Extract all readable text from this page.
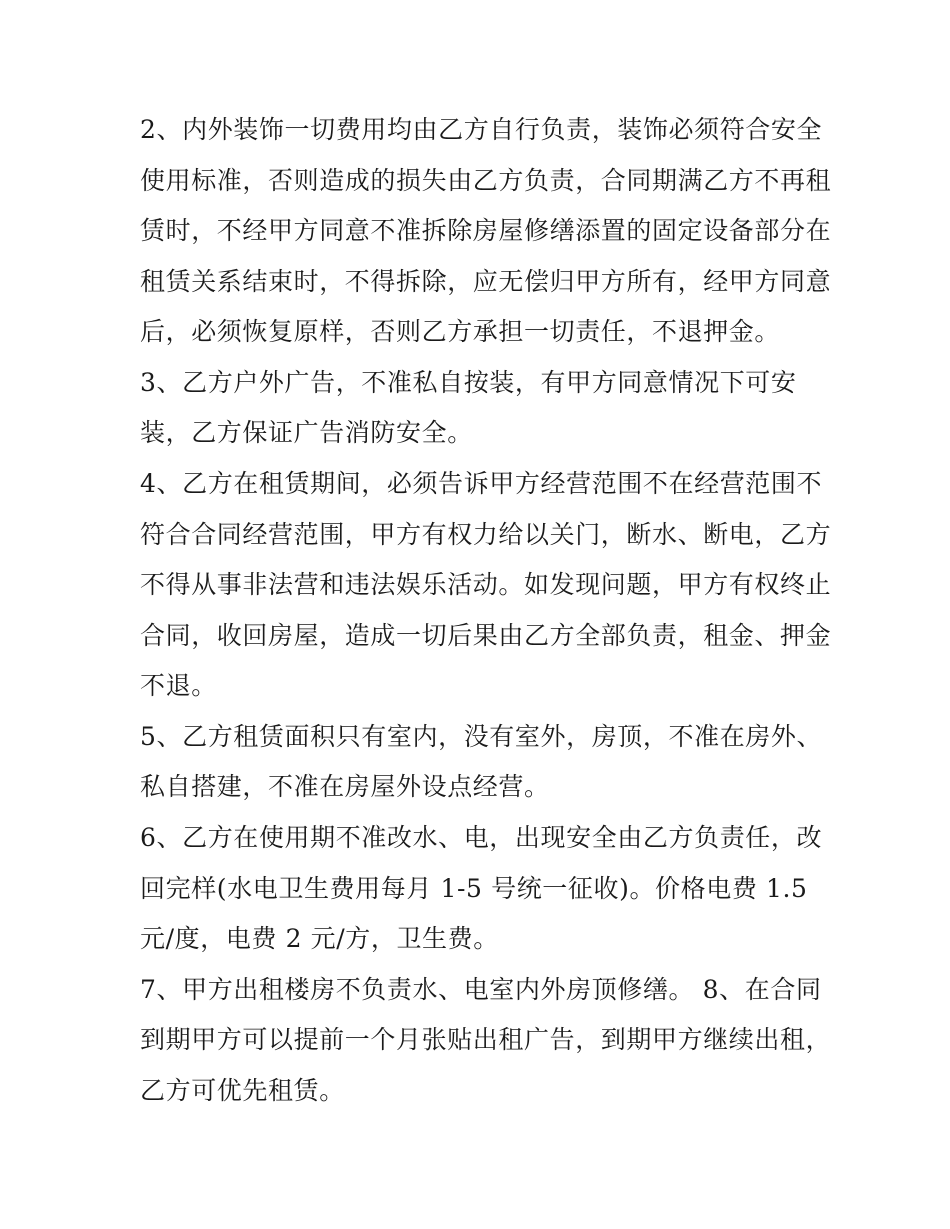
2、内外装饰一切费用均由乙方自行负责，装饰必须符合安全
使用标准，否则造成的损失由乙方负责，合同期满乙方不再租
赁时，不经甲方同意不准拆除房屋修缮添置的固定设备部分在
租赁关系结束时，不得拆除，应无偿归甲方所有，经甲方同意
后，必须恢复原样，否则乙方承担一切责任，不退押金。
3、乙方户外广告，不准私自按装，有甲方同意情况下可安
装，乙方保证广告消防安全。
4、乙方在租赁期间，必须告诉甲方经营范围不在经营范围不
符合合同经营范围，甲方有权力给以关门，断水、断电，乙方
不得从事非法营和违法娱乐活动。如发现问题，甲方有权终止
合同，收回房屋，造成一切后果由乙方全部负责，租金、押金
不退。
5、乙方租赁面积只有室内，没有室外，房顶，不准在房外、
私自搭建，不准在房屋外设点经营。
6、乙方在使用期不准改水、电，出现安全由乙方负责任，改
回完样(水电卫生费用每月 1-5 号统一征收)。价格电费 1.5
元/度，电费 2 元/方，卫生费。
7、甲方出租楼房不负责水、电室内外房顶修缮。 8、在合同
到期甲方可以提前一个月张贴出租广告，到期甲方继续出租，
乙方可优先租赁。
